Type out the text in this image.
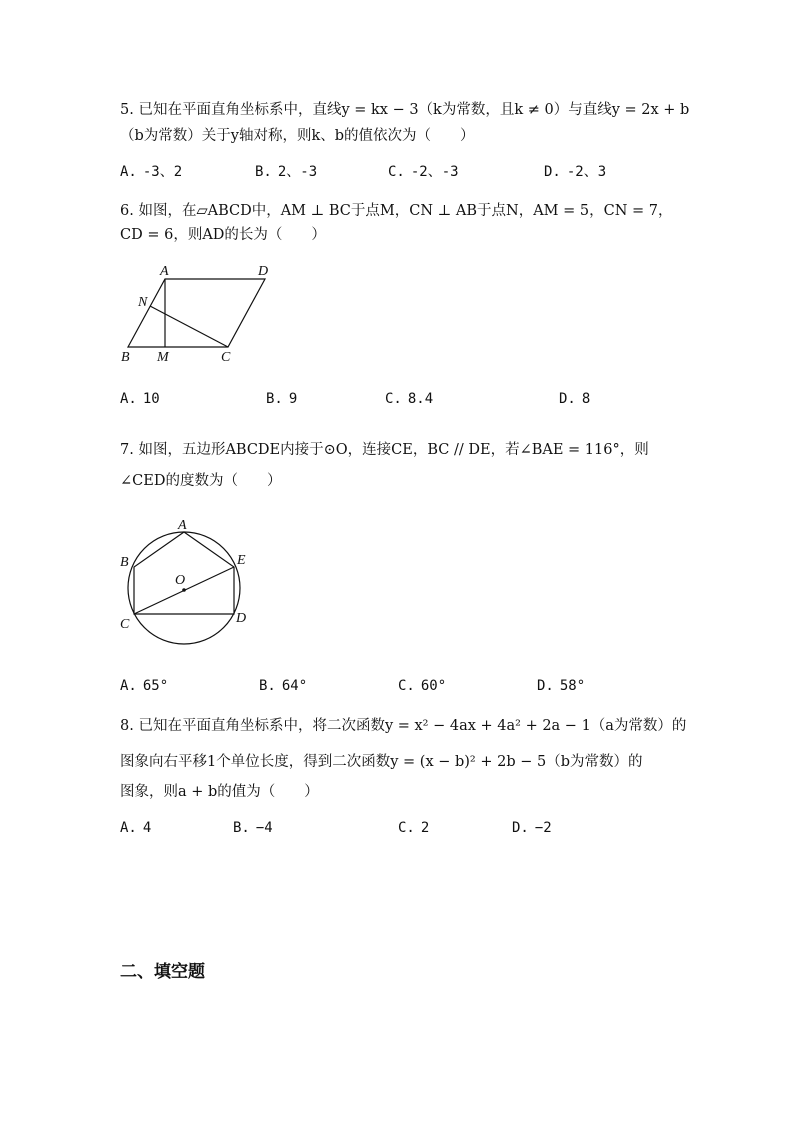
5. 已知在平面直角坐标系中，直线y = kx − 3（k为常数，且k ≠ 0）与直线y = 2x + b
（b为常数）关于y轴对称，则k、b的值依次为（　　）
A. -3、2	B. 2、-3	C. -2、-3	D. -2、3
6. 如图，在▱ABCD中，AM ⊥ BC于点M，CN ⊥ AB于点N，AM = 5，CN = 7，
CD = 6，则AD的长为（　　）
A	D
N
B M	C
A. 10	B. 9	C. 8.4	D. 8
7. 如图，五边形ABCDE内接于⊙O，连接CE，BC // DE，若∠BAE = 116°，则
∠CED的度数为（　　）
A
B	E
O
C	D
A. 65°	B. 64°	C. 60°	D. 58°
8. 已知在平面直角坐标系中，将二次函数y = x² − 4ax + 4a² + 2a − 1（a为常数）的
图象向右平移1个单位长度，得到二次函数y = (x − b)² + 2b − 5（b为常数）的
图象，则a + b的值为（　　）
A. 4	B. −4	C. 2	D. −2
二、填空题
